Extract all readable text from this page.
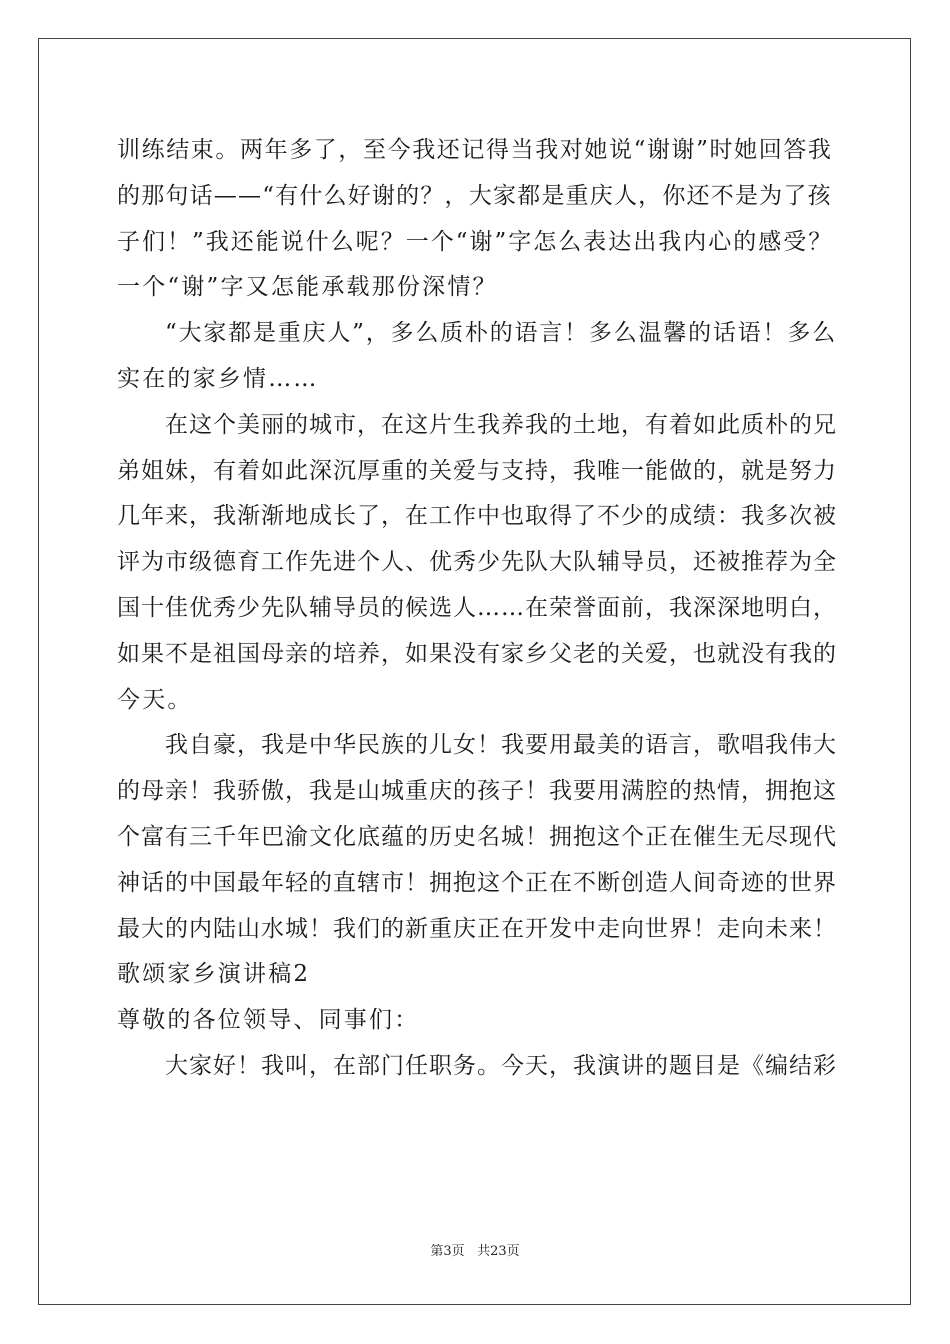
训练结束。两年多了，至今我还记得当我对她说“谢谢”时她回答我
的那句话——“有什么好谢的？，大家都是重庆人，你还不是为了孩
子们！”我还能说什么呢？一个“谢”字怎么表达出我内心的感受？
一个“谢”字又怎能承载那份深情？
“大家都是重庆人”，多么质朴的语言！多么温馨的话语！多么
实在的家乡情……
在这个美丽的城市，在这片生我养我的土地，有着如此质朴的兄
弟姐妹，有着如此深沉厚重的关爱与支持，我唯一能做的，就是努力
几年来，我渐渐地成长了，在工作中也取得了不少的成绩：我多次被
评为市级德育工作先进个人、优秀少先队大队辅导员，还被推荐为全
国十佳优秀少先队辅导员的候选人……在荣誉面前，我深深地明白，
如果不是祖国母亲的培养，如果没有家乡父老的关爱，也就没有我的
今天。
我自豪，我是中华民族的儿女！我要用最美的语言，歌唱我伟大
的母亲！我骄傲，我是山城重庆的孩子！我要用满腔的热情，拥抱这
个富有三千年巴渝文化底蕴的历史名城！拥抱这个正在催生无尽现代
神话的中国最年轻的直辖市！拥抱这个正在不断创造人间奇迹的世界
最大的内陆山水城！我们的新重庆正在开发中走向世界！走向未来！
歌颂家乡演讲稿2
尊敬的各位领导、同事们：
大家好！我叫，在部门任职务。今天，我演讲的题目是《编结彩
第3页 共23页
